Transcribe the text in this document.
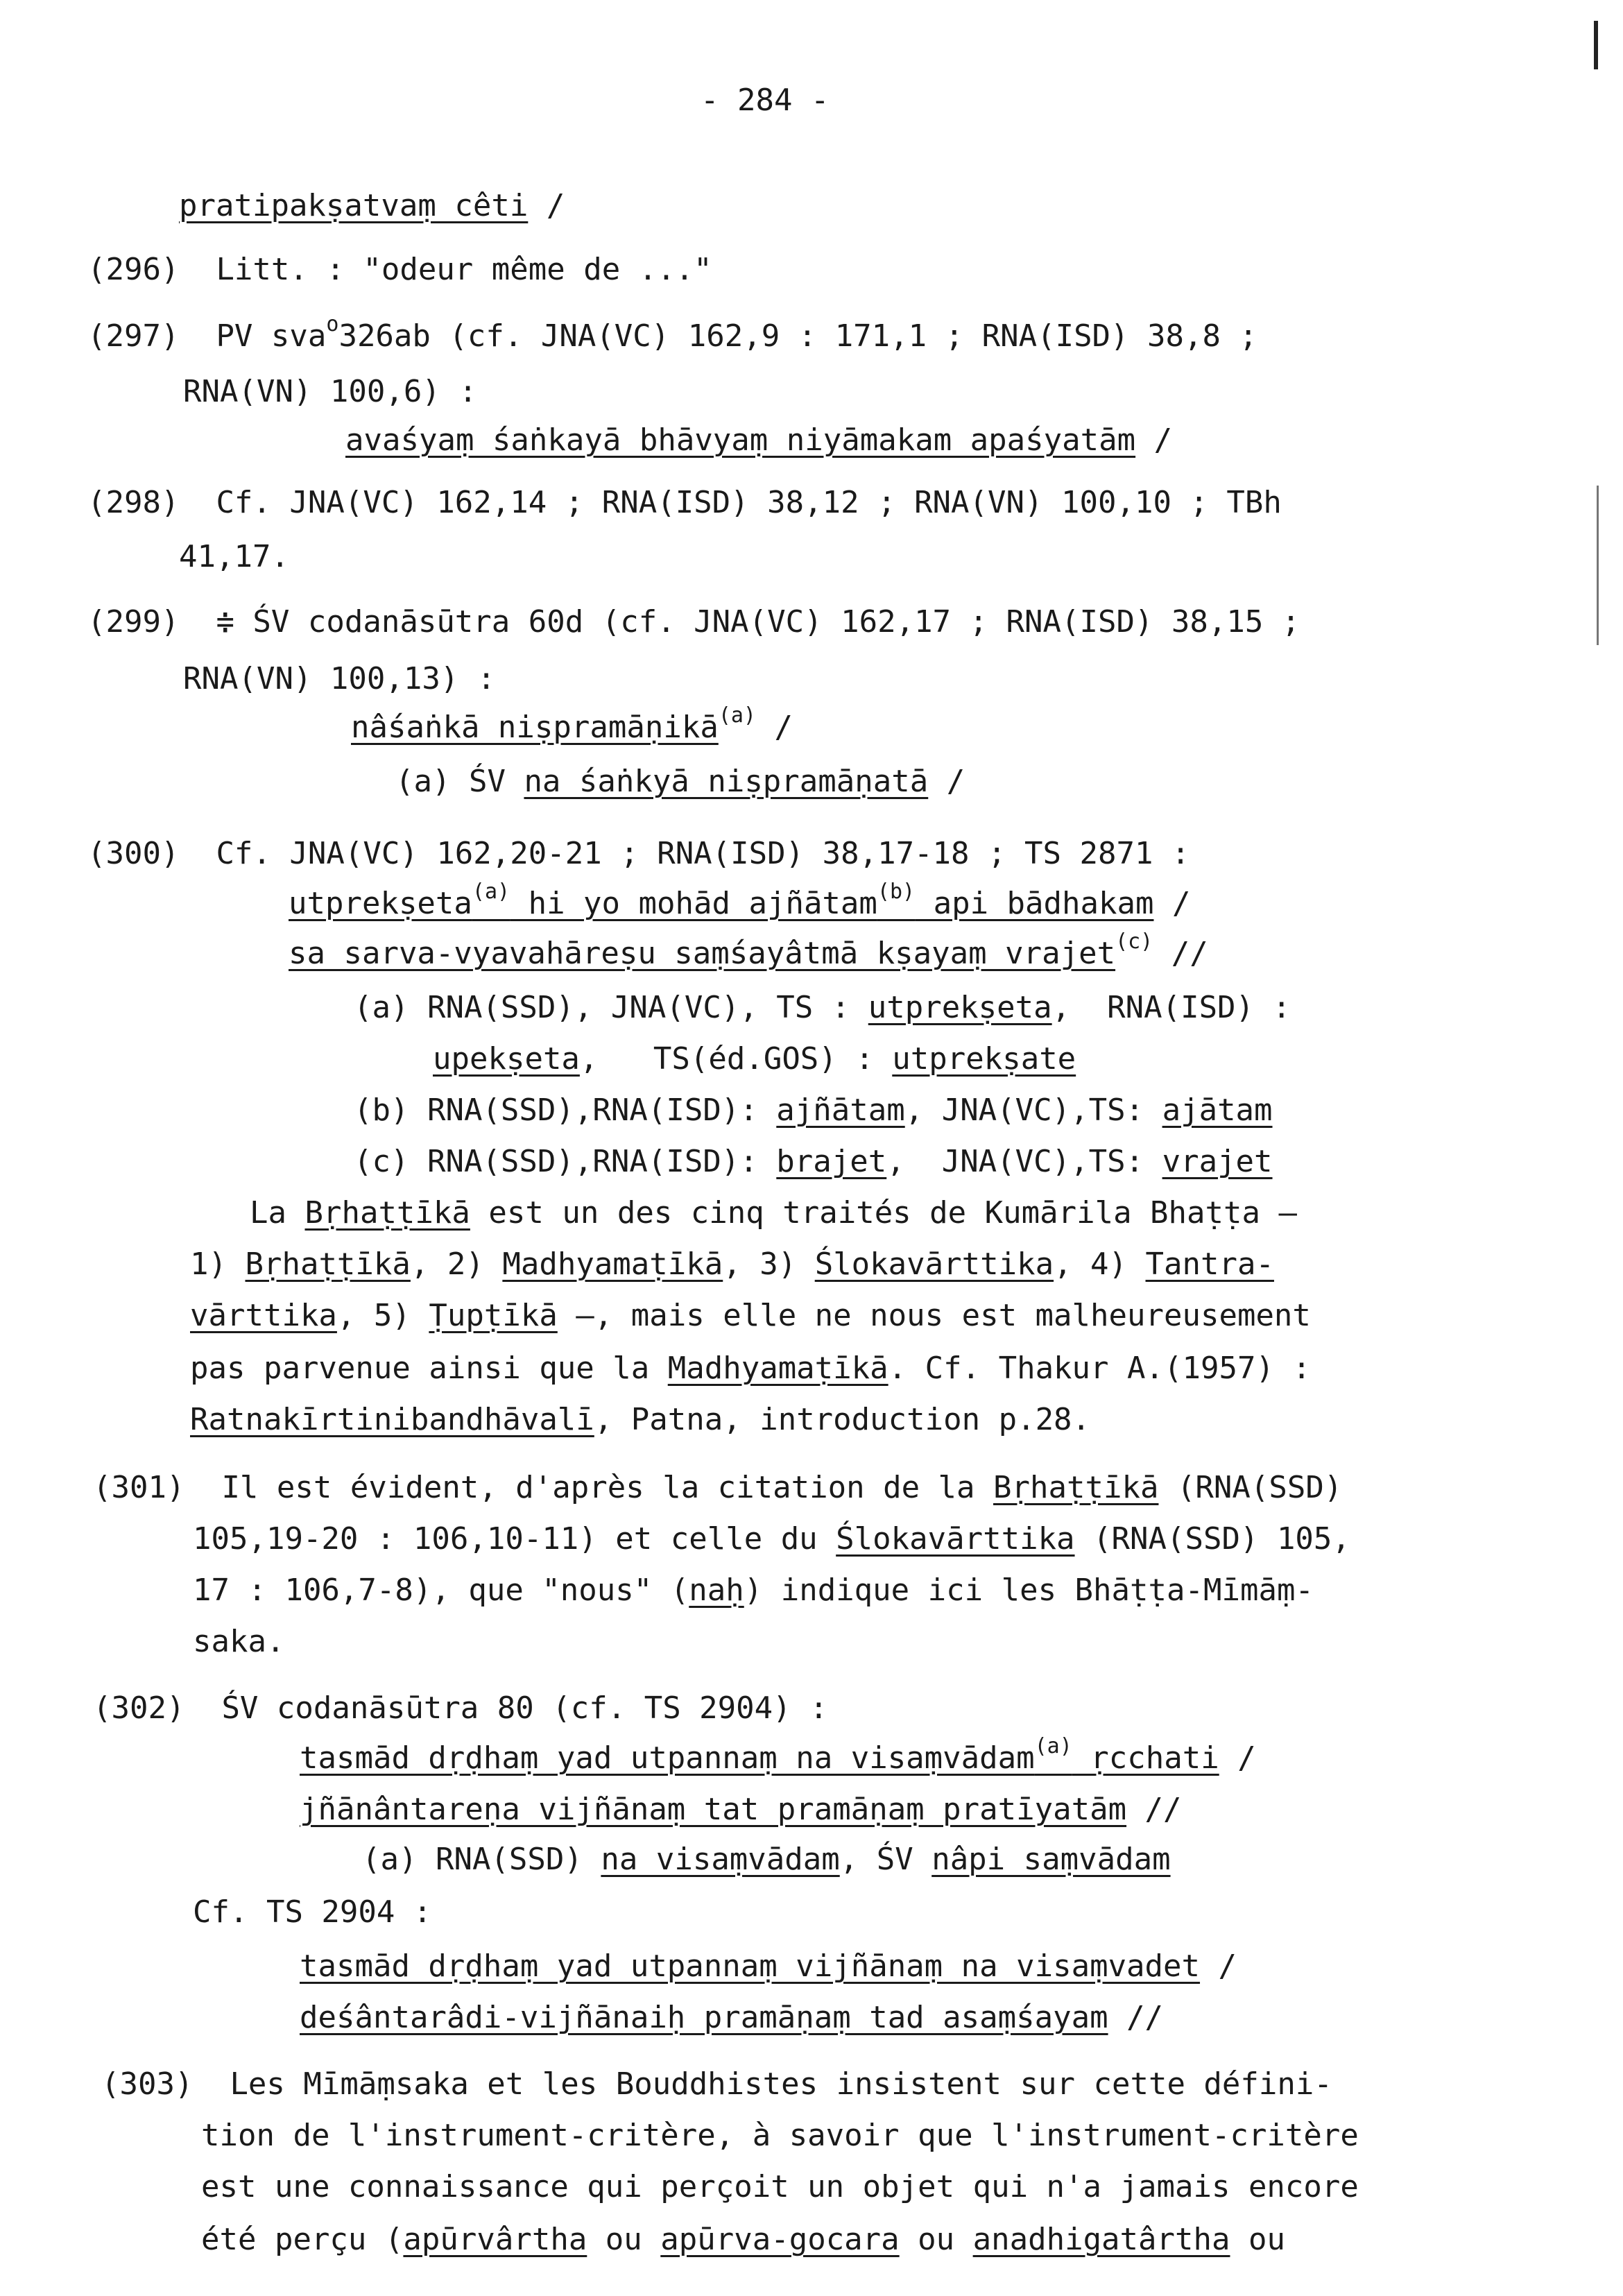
- 284 -
pratipakṣatvaṃ cêti /
(296) Litt. : "odeur même de ..."
(297) PV sva$^o$326ab (cf. JNA(VC) 162,9 : 171,1 ; RNA(ISD) 38,8 ;
RNA(VN) 100,6) :
avaśyaṃ śaṅkayā bhāvyaṃ niyāmakam apaśyatām /
(298) Cf. JNA(VC) 162,14 ; RNA(ISD) 38,12 ; RNA(VN) 100,10 ; TBh
41,17.
(299) ≑ ŚV codanāsūtra 60d (cf. JNA(VC) 162,17 ; RNA(ISD) 38,15 ;
RNA(VN) 100,13) :
nâśaṅkā niṣpramāṇikā$^{(a)}$ /
(a) ŚV na śaṅkyā niṣpramāṇatā /
(300) Cf. JNA(VC) 162,20-21 ; RNA(ISD) 38,17-18 ; TS 2871 :
utprekṣeta$^{(a)}$ hi yo mohād ajñātam$^{(b)}$ api bādhakam /
sa sarva-vyavahāreṣu saṃśayâtmā kṣayaṃ vrajet$^{(c)}$ //
(a) RNA(SSD), JNA(VC), TS : utprekṣeta,  RNA(ISD) :
upekṣeta,   TS(éd.GOS) : utprekṣate
(b) RNA(SSD),RNA(ISD): ajñātam, JNA(VC),TS: ajātam
(c) RNA(SSD),RNA(ISD): brajet,  JNA(VC),TS: vrajet
La Bṛhaṭṭīkā est un des cinq traités de Kumārila Bhaṭṭa —
1) Bṛhaṭṭīkā, 2) Madhyamaṭīkā, 3) Ślokavārttika, 4) Tantra-
vārttika, 5) Ṭupṭīkā —, mais elle ne nous est malheureusement
pas parvenue ainsi que la Madhyamaṭīkā. Cf. Thakur A.(1957) :
Ratnakīrtinibandhāvalī, Patna, introduction p.28.
(301) Il est évident, d'après la citation de la Bṛhaṭṭīkā (RNA(SSD)
105,19-20 : 106,10-11) et celle du Ślokavārttika (RNA(SSD) 105,
17 : 106,7-8), que "nous" (naḥ) indique ici les Bhāṭṭa-Mīmāṃ-
saka.
(302) ŚV codanāsūtra 80 (cf. TS 2904) :
tasmād dṛḍhaṃ yad utpannaṃ na visaṃvādam$^{(a)}$ ṛcchati /
jñānântareṇa vijñānaṃ tat pramāṇaṃ pratīyatām //
(a) RNA(SSD) na visaṃvādam, ŚV nâpi saṃvādam
Cf. TS 2904 :
tasmād dṛḍhaṃ yad utpannaṃ vijñānaṃ na visaṃvadet /
deśântarâdi-vijñānaiḥ pramāṇaṃ tad asaṃśayam //
(303) Les Mīmāṃsaka et les Bouddhistes insistent sur cette défini-
tion de l'instrument-critère, à savoir que l'instrument-critère
est une connaissance qui perçoit un objet qui n'a jamais encore
été perçu (apūrvârtha ou apūrva-gocara ou anadhigatârtha ou
